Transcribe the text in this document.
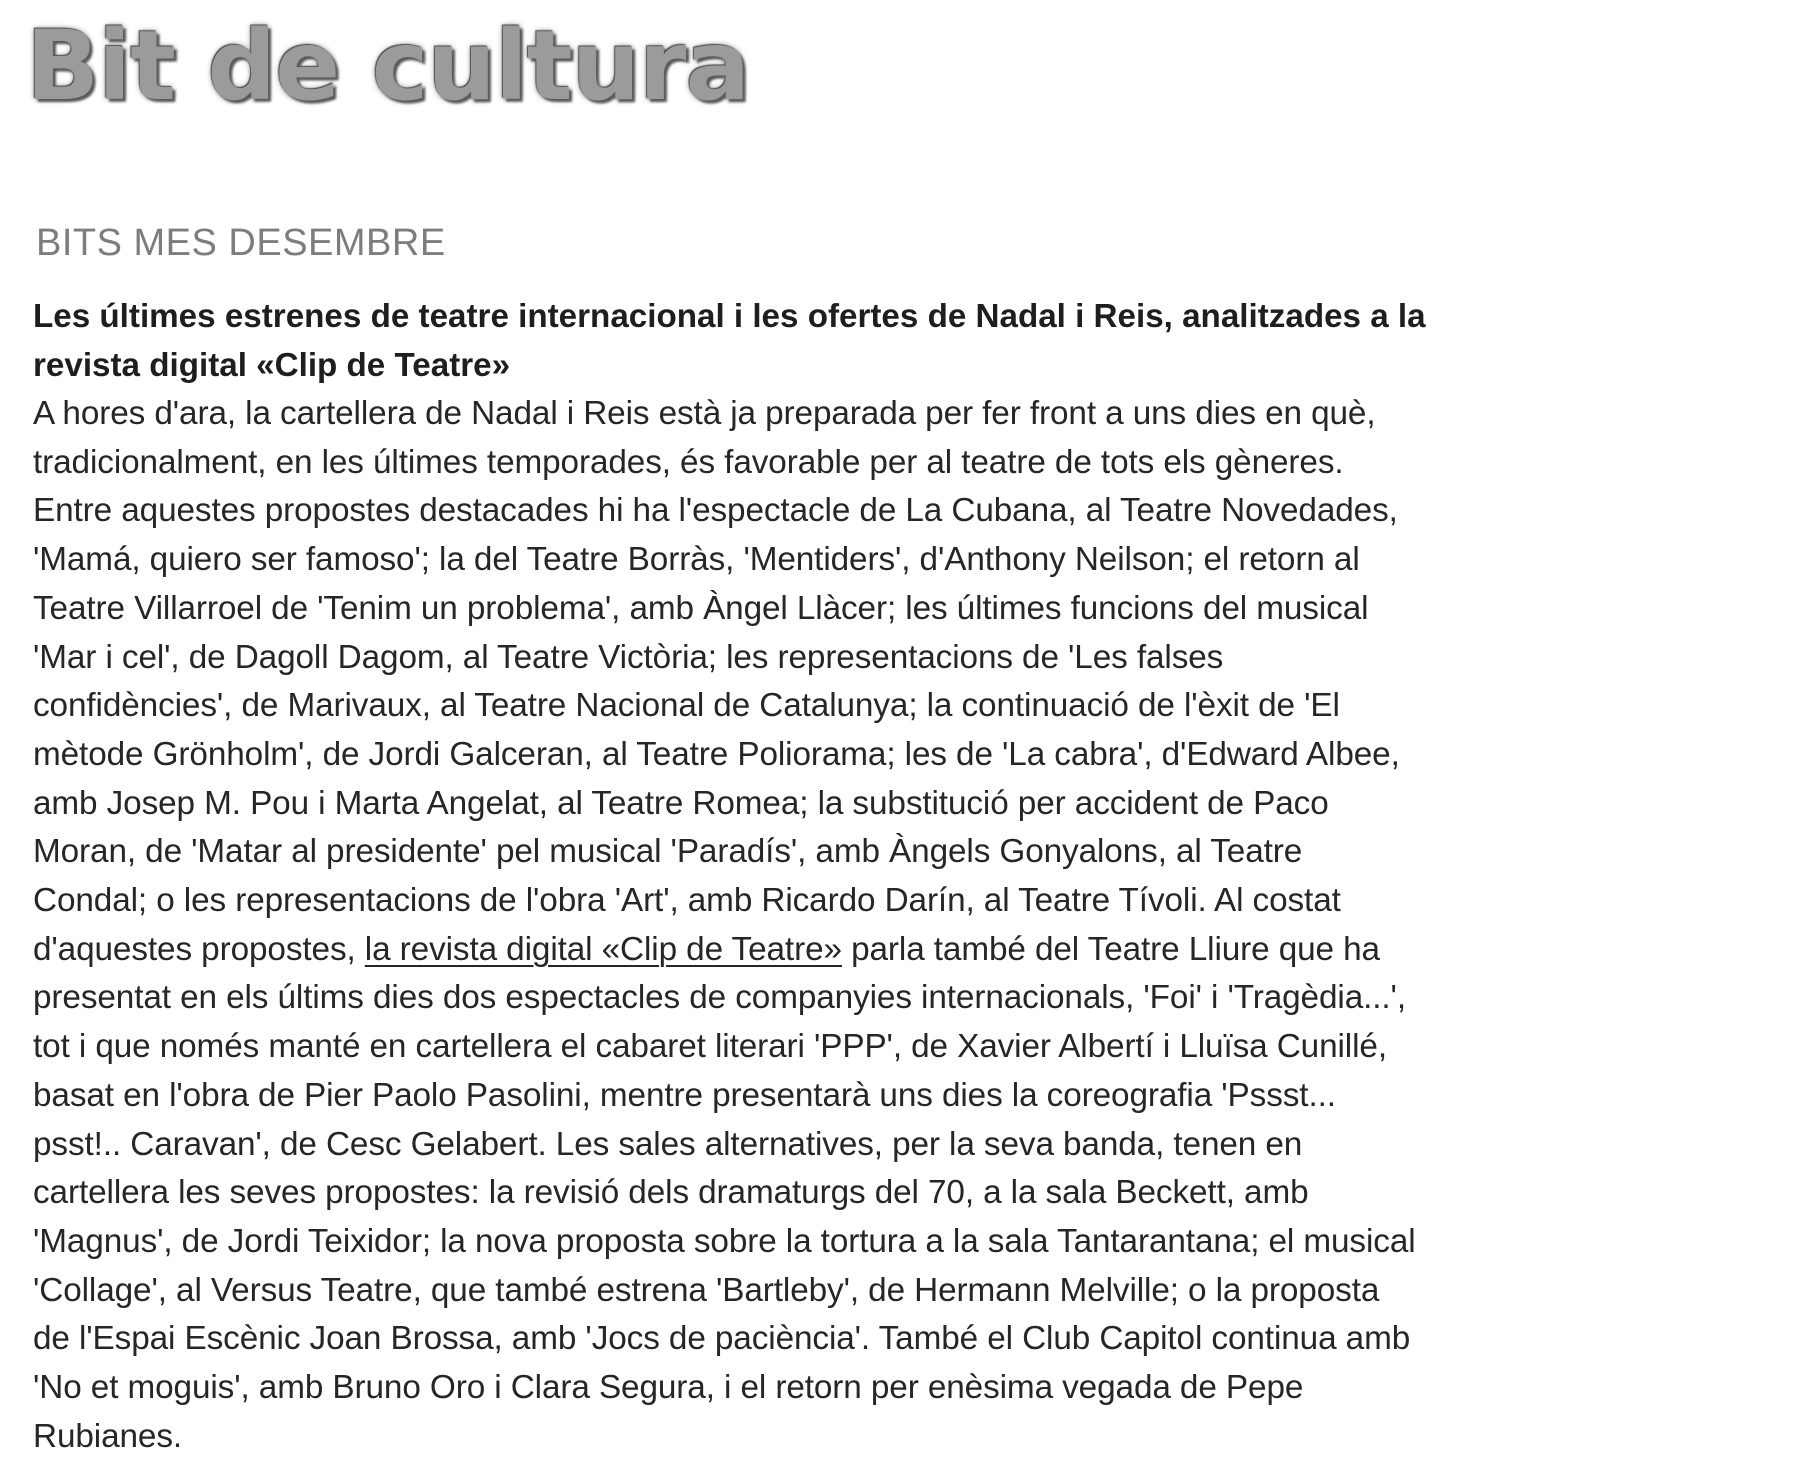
Bit de cultura
BITS MES DESEMBRE

Les últimes estrenes de teatre internacional i les ofertes de Nadal i Reis, analitzades a la
revista digital «Clip de Teatre»

A hores d'ara, la cartellera de Nadal i Reis està ja preparada per fer front a uns dies en què,
tradicionalment, en les últimes temporades, és favorable per al teatre de tots els gèneres.
Entre aquestes propostes destacades hi ha l'espectacle de La Cubana, al Teatre Novedades,
'Mamá, quiero ser famoso'; la del Teatre Borràs, 'Mentiders', d'Anthony Neilson; el retorn al
Teatre Villarroel de 'Tenim un problema', amb Àngel Llàcer; les últimes funcions del musical
'Mar i cel', de Dagoll Dagom, al Teatre Victòria; les representacions de 'Les falses
confidències', de Marivaux, al Teatre Nacional de Catalunya; la continuació de l'èxit de 'El
mètode Grönholm', de Jordi Galceran, al Teatre Poliorama; les de 'La cabra', d'Edward Albee,
amb Josep M. Pou i Marta Angelat, al Teatre Romea; la substitució per accident de Paco
Moran, de 'Matar al presidente' pel musical 'Paradís', amb Àngels Gonyalons, al Teatre
Condal; o les representacions de l'obra 'Art', amb Ricardo Darín, al Teatre Tívoli. Al costat
d'aquestes propostes, la revista digital «Clip de Teatre» parla també del Teatre Lliure que ha
presentat en els últims dies dos espectacles de companyies internacionals, 'Foi' i 'Tragèdia...',
tot i que només manté en cartellera el cabaret literari 'PPP', de Xavier Albertí i Lluïsa Cunillé,
basat en l'obra de Pier Paolo Pasolini, mentre presentarà uns dies la coreografia 'Pssst...
psst!.. Caravan', de Cesc Gelabert. Les sales alternatives, per la seva banda, tenen en
cartellera les seves propostes: la revisió dels dramaturgs del 70, a la sala Beckett, amb
'Magnus', de Jordi Teixidor; la nova proposta sobre la tortura a la sala Tantarantana; el musical
'Collage', al Versus Teatre, que també estrena 'Bartleby', de Hermann Melville; o la proposta
de l'Espai Escènic Joan Brossa, amb 'Jocs de paciència'. També el Club Capitol continua amb
'No et moguis', amb Bruno Oro i Clara Segura, i el retorn per enèsima vegada de Pepe
Rubianes.
